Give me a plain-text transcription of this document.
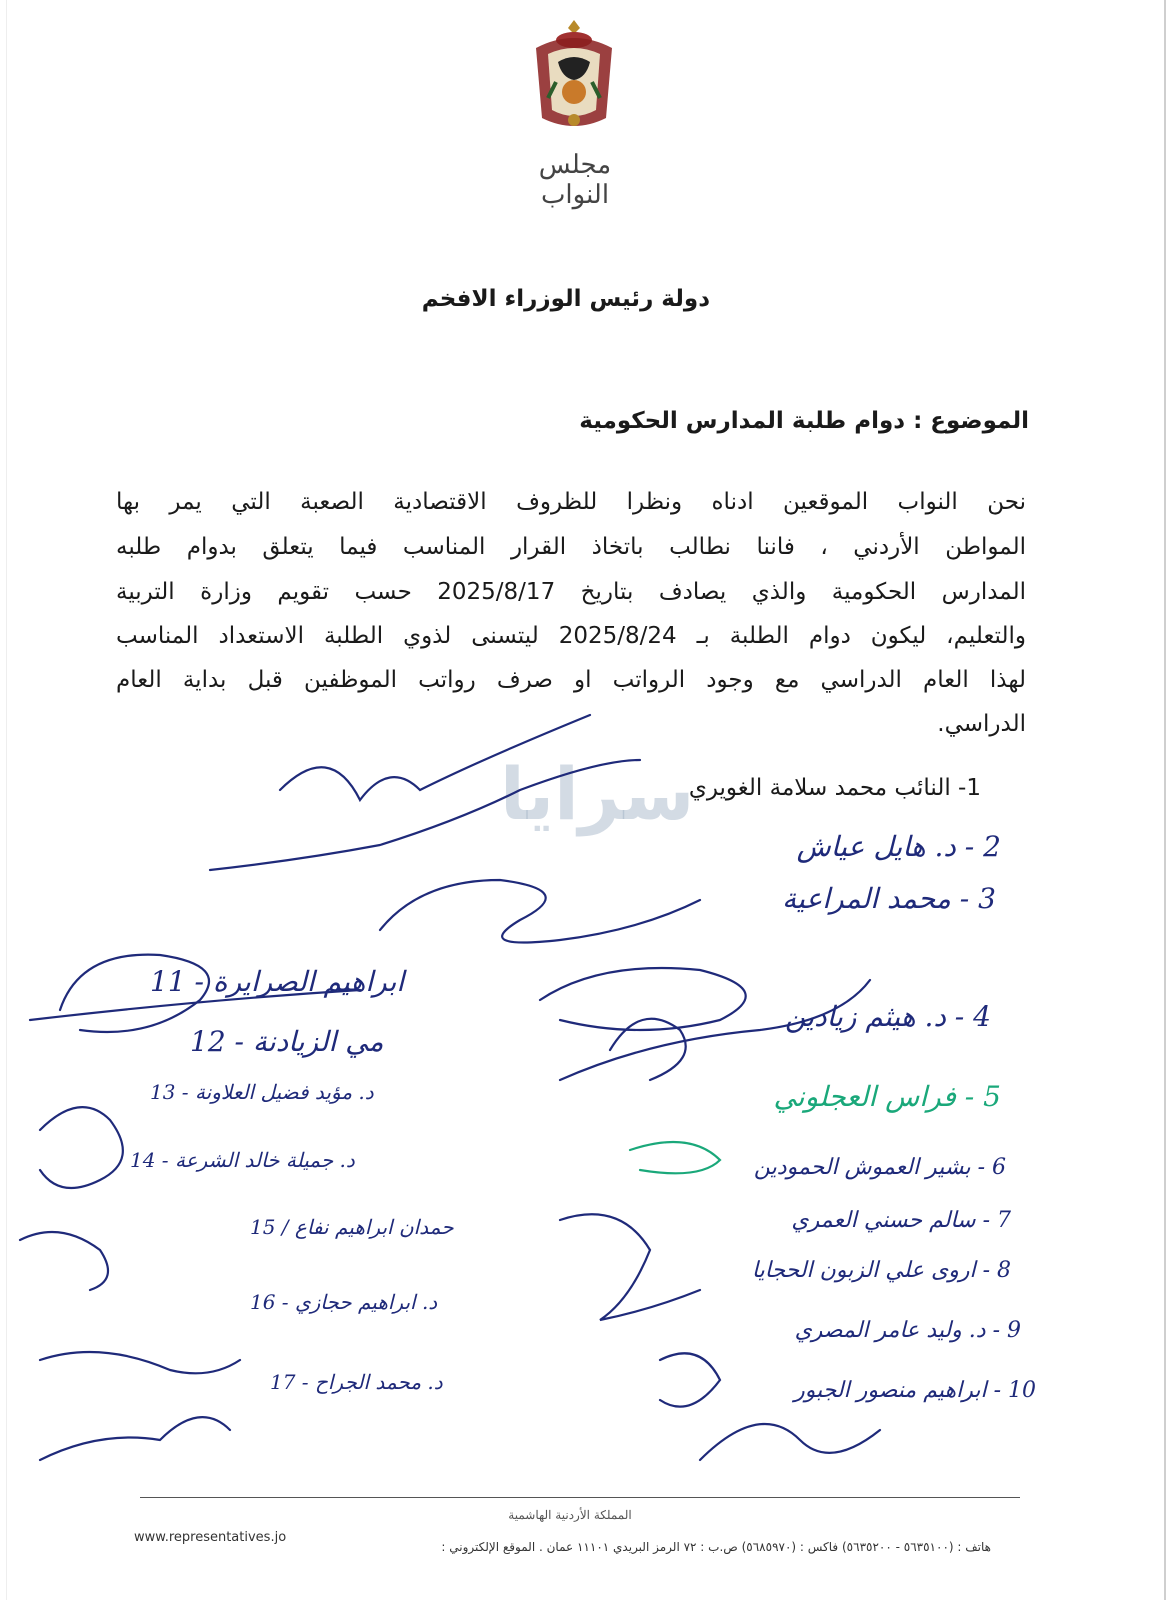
مجلس النواب
دولة رئيس الوزراء الافخم
الموضوع : دوام طلبة المدارس الحكومية
نحن النواب الموقعين ادناه ونظرا للظروف الاقتصادية الصعبة التي يمر بها
المواطن الأردني ، فاننا نطالب باتخاذ القرار المناسب فيما يتعلق بدوام طلبه
المدارس الحكومية والذي يصادف بتاريخ 2025/8/17 حسب تقويم وزارة التربية
والتعليم، ليكون دوام الطلبة بـ 2025/8/24 ليتسنى لذوي الطلبة الاستعداد المناسب
لهذا العام الدراسي مع وجود الرواتب او صرف رواتب الموظفين قبل بداية العام
الدراسي.
1- النائب محمد سلامة الغويري
سرايا
2 - د. هايل عياش
3 - محمد المراعية
4 - د. هيثم زيادين
5 - فراس العجلوني
6 - بشير العموش الحمودين
7 - سالم حسني العمري
8 - اروى علي الزبون الحجايا
9 - د. وليد عامر المصري
10 - ابراهيم منصور الجبور
ابراهيم الصرايرة - 11
مي الزيادنة - 12
د. مؤيد فضيل العلاونة - 13
د. جميلة خالد الشرعة - 14
حمدان ابراهيم نفاع / 15
د. ابراهيم حجازي - 16
د. محمد الجراح - 17
المملكة الأردنية الهاشمية
هاتف : (٥٦٣٥١٠٠ - ٥٦٣٥٢٠٠) فاكس : (٥٦٨٥٩٧٠) ص.ب : ٧٢ الرمز البريدي ١١١٠١ عمان . الموقع الإلكتروني :
www.representatives.jo
